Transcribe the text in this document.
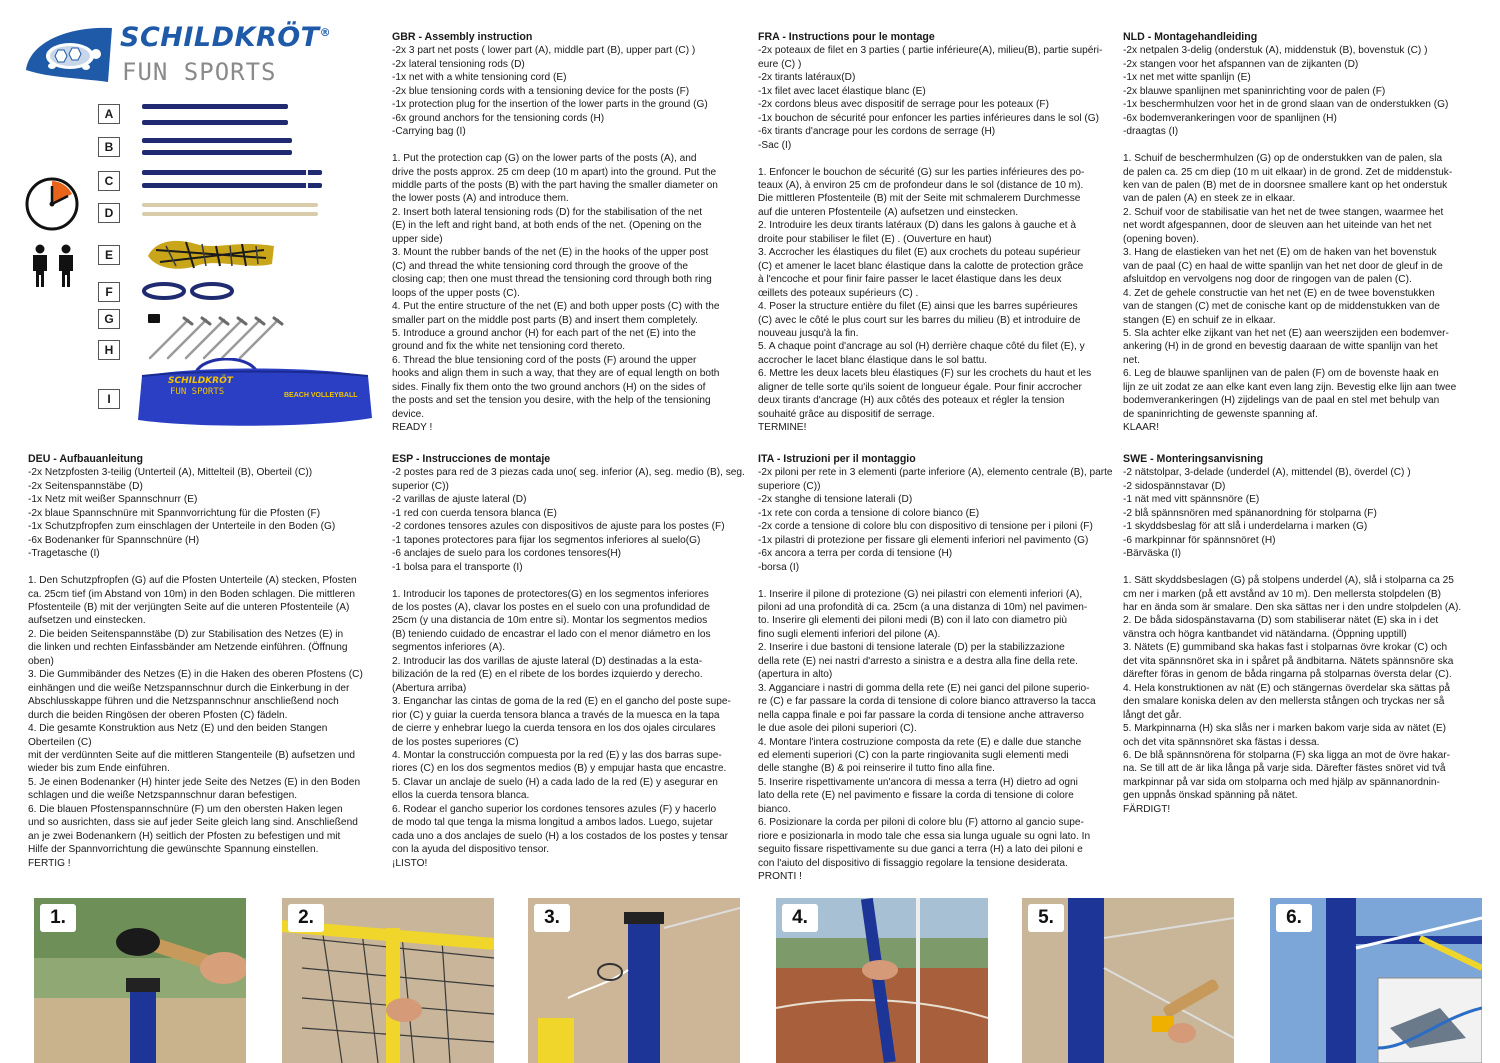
SCHILDKRÖT®
FUN SPORTS
A
B
C
D
E
F
G
H
I
SCHILDKRÖT
FUN SPORTS	BEACH VOLLEYBALL
GBR - Assembly instruction
-2x 3 part net posts ( lower part (A), middle part (B), upper part (C) )
-2x lateral tensioning rods (D)
-1x net with a white tensioning cord (E)
-2x blue tensioning cords with a tensioning device for the posts (F)
-1x protection plug for the insertion of the lower parts in the ground (G)
-6x ground anchors for the tensioning cords (H)
-Carrying bag (I)

1. Put the protection cap (G) on the lower parts of the posts (A), and
drive the posts approx. 25 cm deep (10 m apart) into the ground. Put the
middle parts of the posts (B) with the part having the smaller diameter on
the lower posts (A) and introduce them.
2. Insert both lateral tensioning rods (D) for the stabilisation of the net
(E) in the left and right band, at both ends of the net. (Opening on the
upper side)
3. Mount the rubber bands of the net (E) in the hooks of the upper post
(C) and thread the white tensioning cord through the groove of the
closing cap; then one must thread the tensioning cord through both ring
loops of the upper posts (C).
4. Put the entire structure of the net (E) and both upper posts (C) with the
smaller part on the middle post parts (B) and insert them completely.
5. Introduce a ground anchor (H) for each part of the net (E) into the
ground and fix the white net tensioning cord thereto.
6. Thread the blue tensioning cord of the posts (F) around the upper
hooks and align them in such a way, that they are of equal length on both
sides. Finally fix them onto the two ground anchors (H) on the sides of
the posts and set the tension you desire, with the help of the tensioning
device.
READY !
FRA - Instructions pour le montage
-2x poteaux de filet en 3 parties ( partie inférieure(A), milieu(B), partie supéri-
eure (C) )
-2x tirants latéraux(D)
-1x filet avec lacet élastique blanc (E)
-2x cordons bleus avec dispositif de serrage pour les poteaux (F)
-1x bouchon de sécurité pour enfoncer les parties inférieures dans le sol (G)
-6x tirants d'ancrage pour les cordons de serrage (H)
-Sac (I)

1. Enfoncer le bouchon de sécurité (G) sur les parties inférieures des po-
teaux (A), à environ 25 cm de profondeur dans le sol (distance de 10 m).
Die mittleren Pfostenteile (B) mit der Seite mit schmalerem Durchmesse
auf die unteren Pfostenteile (A) aufsetzen und einstecken.
2. Introduire les deux tirants latéraux (D) dans les galons à gauche et à
droite pour stabiliser le filet (E) . (Ouverture en haut)
3. Accrocher les élastiques du filet (E) aux crochets du poteau supérieur
(C) et amener le lacet blanc élastique dans la calotte de protection grâce
à l'encoche et pour finir faire passer le lacet élastique dans les deux
œillets des poteaux supérieurs (C) .
4. Poser la structure entière du filet (E) ainsi que les barres supérieures
(C) avec le côté le plus court sur les barres du milieu (B) et introduire de
nouveau jusqu'à la fin.
5. A chaque point d'ancrage au sol (H) derrière chaque côté du filet (E), y
accrocher le lacet blanc élastique dans le sol battu.
6. Mettre les deux lacets bleu élastiques (F) sur les crochets du haut et les
aligner de telle sorte qu'ils soient de longueur égale. Pour finir accrocher
deux tirants d'ancrage (H) aux côtés des poteaux et régler la tension
souhaité grâce au dispositif de serrage.
TERMINE!
NLD - Montagehandleiding
-2x netpalen 3-delig (onderstuk (A), middenstuk (B), bovenstuk (C) )
-2x stangen voor het afspannen van de zijkanten (D)
-1x net met witte spanlijn (E)
-2x blauwe spanlijnen met spaninrichting voor de palen (F)
-1x beschermhulzen voor het in de grond slaan van de onderstukken (G)
-6x bodemverankeringen voor de spanlijnen (H)
-draagtas (I)

1. Schuif de beschermhulzen (G) op de onderstukken van de palen, sla
de palen ca. 25 cm diep (10 m uit elkaar) in de grond. Zet de middenstuk-
ken van de palen (B) met de in doorsnee smallere kant op het onderstuk
van de palen (A) en steek ze in elkaar.
2. Schuif voor de stabilisatie van het net de twee stangen, waarmee het
net wordt afgespannen, door de sleuven aan het uiteinde van het net
(opening boven).
3. Hang de elastieken van het net (E) om de haken van het bovenstuk
van de paal (C) en haal de witte spanlijn van het net door de gleuf in de
afsluitdop en vervolgens nog door de ringogen van de palen (C).
4. Zet de gehele constructie van het net (E) en de twee bovenstukken
van de stangen (C) met de conische kant op de middenstukken van de
stangen (E) en schuif ze in elkaar.
5. Sla achter elke zijkant van het net (E) aan weerszijden een bodemver-
ankering (H) in de grond en bevestig daaraan de witte spanlijn van het
net.
6. Leg de blauwe spanlijnen van de palen (F) om de bovenste haak en
lijn ze uit zodat ze aan elke kant even lang zijn. Bevestig elke lijn aan twee
bodemverankeringen (H) zijdelings van de paal en stel met behulp van
de spaninrichting de gewenste spanning af.
KLAAR!
DEU - Aufbauanleitung
-2x Netzpfosten 3-teilig (Unterteil (A), Mittelteil (B), Oberteil (C))
-2x Seitenspannstäbe (D)
-1x Netz mit weißer Spannschnurr (E)
-2x blaue Spannschnüre mit Spannvorrichtung für die Pfosten (F)
-1x Schutzpfropfen zum einschlagen der Unterteile in den Boden (G)
-6x Bodenanker für Spannschnüre (H)
-Tragetasche (I)

1. Den Schutzpfropfen (G) auf die Pfosten Unterteile (A) stecken, Pfosten
ca. 25cm tief (im Abstand von 10m) in den Boden schlagen. Die mittleren
Pfostenteile (B) mit der verjüngten Seite auf die unteren Pfostenteile (A)
aufsetzen und einstecken.
2. Die beiden Seitenspannstäbe (D) zur Stabilisation des Netzes (E) in
die linken und rechten Einfassbänder am Netzende einführen. (Öffnung
oben)
3. Die Gummibänder des Netzes (E) in die Haken des oberen Pfostens (C)
einhängen und die weiße Netzspannschnur durch die Einkerbung in der
Abschlusskappe führen und die Netzspannschnur anschließend noch
durch die beiden Ringösen der oberen Pfosten (C) fädeln.
4. Die gesamte Konstruktion aus Netz (E) und den beiden Stangen
Oberteilen (C)
mit der verdünnten Seite auf die mittleren Stangenteile (B) aufsetzen und
wieder bis zum Ende einführen.
5. Je einen Bodenanker (H) hinter jede Seite des Netzes (E) in den Boden
schlagen und die weiße Netzspannschnur daran befestigen.
6. Die blauen Pfostenspannschnüre (F) um den obersten Haken legen
und so ausrichten, dass sie auf jeder Seite gleich lang sind. Anschließend
an je zwei Bodenankern (H) seitlich der Pfosten zu befestigen und mit
Hilfe der Spannvorrichtung die gewünschte Spannung einstellen.
FERTIG !
ESP - Instrucciones de montaje
-2 postes para red de 3 piezas cada uno( seg. inferior (A), seg. medio (B), seg.
superior (C))
-2 varillas de ajuste lateral (D)
-1 red con cuerda tensora blanca (E)
-2 cordones tensores azules con dispositivos de ajuste para los postes (F)
-1 tapones protectores para fijar los segmentos inferiores al suelo(G)
-6 anclajes de suelo para los cordones tensores(H)
-1 bolsa para el transporte (I)

1. Introducir los tapones de protectores(G) en los segmentos inferiores
de los postes (A), clavar los postes en el suelo con una profundidad de
25cm (y una distancia de 10m entre si). Montar los segmentos medios
(B) teniendo cuidado de encastrar el lado con el menor diámetro en los
segmentos inferiores (A).
2. Introducir las dos varillas de ajuste lateral (D) destinadas a la esta-
bilización de la red (E) en el ribete de los bordes izquierdo y derecho.
(Abertura arriba)
3. Enganchar las cintas de goma de la red (E) en el gancho del poste supe-
rior (C) y guiar la cuerda tensora blanca a través de la muesca en la tapa
de cierre y enhebrar luego la cuerda tensora en los dos ojales circulares
de los postes superiores (C)
4. Montar la construcción compuesta por la red (E) y las dos barras supe-
riores (C) en los dos segmentos medios (B) y empujar hasta que encastre.
5. Clavar un anclaje de suelo (H) a cada lado de la red (E) y asegurar en
ellos la cuerda tensora blanca.
6. Rodear el gancho superior los cordones tensores azules (F) y hacerlo
de modo tal que tenga la misma longitud a ambos lados. Luego, sujetar
cada uno a dos anclajes de suelo (H) a los costados de los postes y tensar
con la ayuda del dispositivo tensor.
¡LISTO!
ITA - Istruzioni per il montaggio
-2x piloni per rete in 3 elementi (parte inferiore (A), elemento centrale (B), parte
superiore (C))
-2x stanghe di tensione laterali (D)
-1x rete con corda a tensione di colore bianco (E)
-2x corde a tensione di colore blu con dispositivo di tensione per i piloni (F)
-1x pilastri di protezione per fissare gli elementi inferiori nel pavimento (G)
-6x ancora a terra per corda di tensione (H)
-borsa (I)

1. Inserire il pilone di protezione (G) nei pilastri con elementi inferiori (A),
piloni ad una profondità di ca. 25cm (a una distanza di 10m) nel pavimen-
to. Inserire gli elementi dei piloni medi (B) con il lato con diametro più
fino sugli elementi inferiori del pilone (A).
2. Inserire i due bastoni di tensione laterale (D) per la stabilizzazione
della rete (E) nei nastri d'arresto a sinistra e a destra alla fine della rete.
(apertura in alto)
3. Agganciare i nastri di gomma della rete (E) nei ganci del pilone superio-
re (C) e far passare la corda di tensione di colore bianco attraverso la tacca
nella cappa finale e poi far passare la corda di tensione anche attraverso
le due asole dei piloni superiori (C).
4. Montare l'intera costruzione composta da rete (E) e dalle due stanche
ed elementi superiori (C) con la parte ringiovanita sugli elementi medi
delle stanghe (B) & poi reinserire il tutto fino alla fine.
5. Inserire rispettivamente un'ancora di messa a terra (H) dietro ad ogni
lato della rete (E) nel pavimento e fissare la corda di tensione di colore
bianco.
6. Posizionare la corda per piloni di colore blu (F) attorno al gancio supe-
riore e posizionarla in modo tale che essa sia lunga uguale su ogni lato. In
seguito fissare rispettivamente su due ganci a terra (H) a lato dei piloni e
con l'aiuto del dispositivo di fissaggio regolare la tensione desiderata.
PRONTI !
SWE - Monteringsanvisning
-2 nätstolpar, 3-delade (underdel (A), mittendel (B), överdel (C) )
-2 sidospännstavar (D)
-1 nät med vitt spännsnöre (E)
-2 blå spännsnören med spänanordning för stolparna (F)
-1 skyddsbeslag för att slå i underdelarna i marken (G)
-6 markpinnar för spännsnöret (H)
-Bärväska (I)

1. Sätt skyddsbeslagen (G) på stolpens underdel (A), slå i stolparna ca 25
cm ner i marken (på ett avstånd av 10 m). Den mellersta stolpdelen (B)
har en ända som är smalare. Den ska sättas ner i den undre stolpdelen (A).
2. De båda sidospänstavarna (D) som stabiliserar nätet (E) ska in i det
vänstra och högra kantbandet vid nätändarna. (Öppning upptill)
3. Nätets (E) gummiband ska hakas fast i stolparnas övre krokar (C) och
det vita spännsnöret ska in i spåret på ändbitarna. Nätets spännsnöre ska
därefter föras in genom de båda ringarna på stolparnas översta delar (C).
4. Hela konstruktionen av nät (E) och stängernas överdelar ska sättas på
den smalare koniska delen av den mellersta stången och tryckas ner så
långt det går.
5. Markpinnarna (H) ska slås ner i marken bakom varje sida av nätet (E)
och det vita spännsnöret ska fästas i dessa.
6. De blå spännsnörena för stolparna (F) ska ligga an mot de övre hakar-
na. Se till att de är lika långa på varje sida. Därefter fästes snöret vid två
markpinnar på var sida om stolparna och med hjälp av spännanordnin-
gen uppnås önskad spänning på nätet.
FÄRDIGT!
1.	2.	3.	4.	5.	6.
